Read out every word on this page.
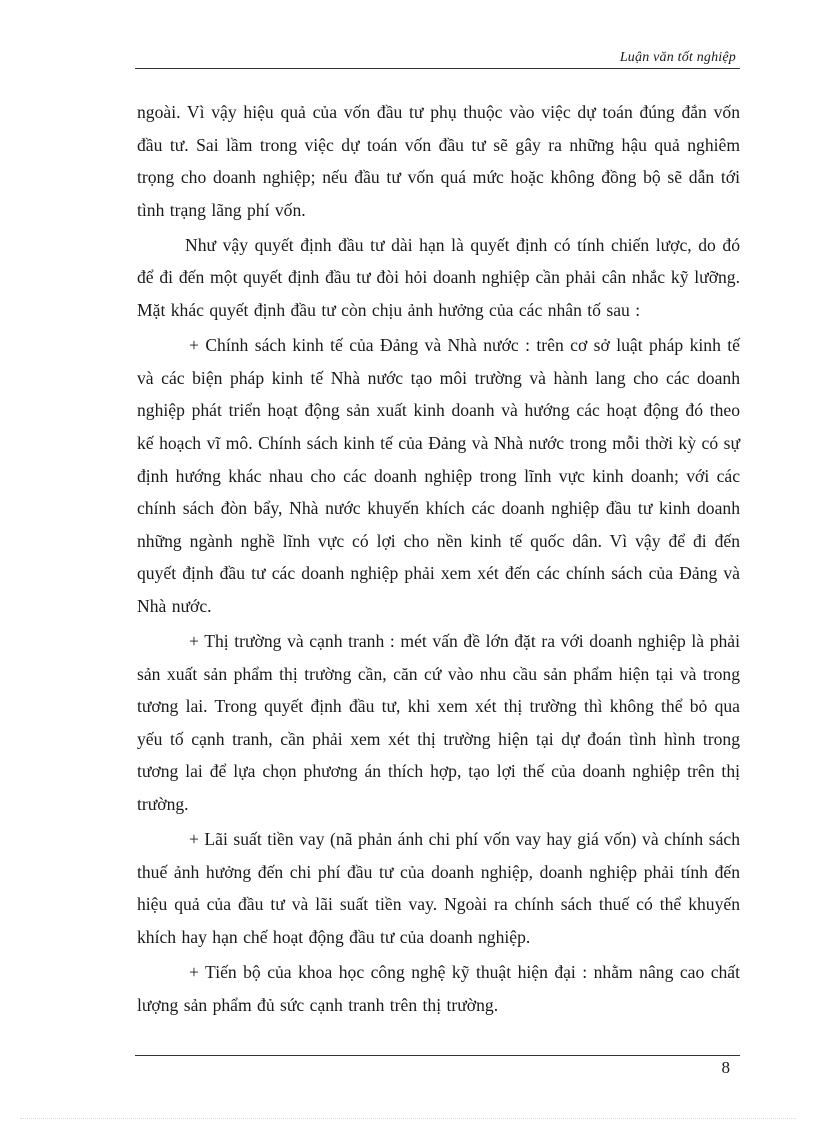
Luận văn tốt nghiệp

ngoài. Vì vậy hiệu quả của vốn đầu tư phụ thuộc vào việc dự toán đúng đắn vốn đầu tư. Sai lầm trong việc dự toán vốn đầu tư sẽ gây ra những hậu quả nghiêm trọng cho doanh nghiệp; nếu đầu tư vốn quá mức hoặc không đồng bộ sẽ dẫn tới tình trạng lãng phí vốn.

Như vậy quyết định đầu tư dài hạn là quyết định có tính chiến lược, do đó để đi đến một quyết định đầu tư đòi hỏi doanh nghiệp cần phải cân nhắc kỹ lưỡng. Mặt khác quyết định đầu tư còn chịu ảnh hưởng của các nhân tố sau :

+ Chính sách kinh tế của Đảng và Nhà nước : trên cơ sở luật pháp kinh tế và các biện pháp kinh tế Nhà nước tạo môi trường và hành lang cho các doanh nghiệp phát triển hoạt động sản xuất kinh doanh và hướng các hoạt động đó theo kế hoạch vĩ mô. Chính sách kinh tế của Đảng và Nhà nước trong mỗi thời kỳ có sự định hướng khác nhau cho các doanh nghiệp trong lĩnh vực kinh doanh; với các chính sách đòn bẩy, Nhà nước khuyến khích các doanh nghiệp đầu tư kinh doanh những ngành nghề lĩnh vực có lợi cho nền kinh tế quốc dân. Vì vậy để đi đến quyết định đầu tư các doanh nghiệp phải xem xét đến các chính sách của Đảng và Nhà nước.

+ Thị trường và cạnh tranh : mét vấn đề lớn đặt ra với doanh nghiệp là phải sản xuất sản phẩm thị trường cần, căn cứ vào nhu cầu sản phẩm hiện tại và trong tương lai. Trong quyết định đầu tư, khi xem xét thị trường thì không thể bỏ qua yếu tố cạnh tranh, cần phải xem xét thị trường hiện tại dự đoán tình hình trong tương lai để lựa chọn phương án thích hợp, tạo lợi thế của doanh nghiệp trên thị trường.

+ Lãi suất tiền vay (nã phản ánh chi phí vốn vay hay giá vốn) và chính sách thuế ảnh hưởng đến chi phí đầu tư của doanh nghiệp, doanh nghiệp phải tính đến hiệu quả của đầu tư và lãi suất tiền vay. Ngoài ra chính sách thuế có thể khuyến khích hay hạn chế hoạt động đầu tư của doanh nghiệp.

+ Tiến bộ của khoa học công nghệ kỹ thuật hiện đại : nhằm nâng cao chất lượng sản phẩm đủ sức cạnh tranh trên thị trường.

8
